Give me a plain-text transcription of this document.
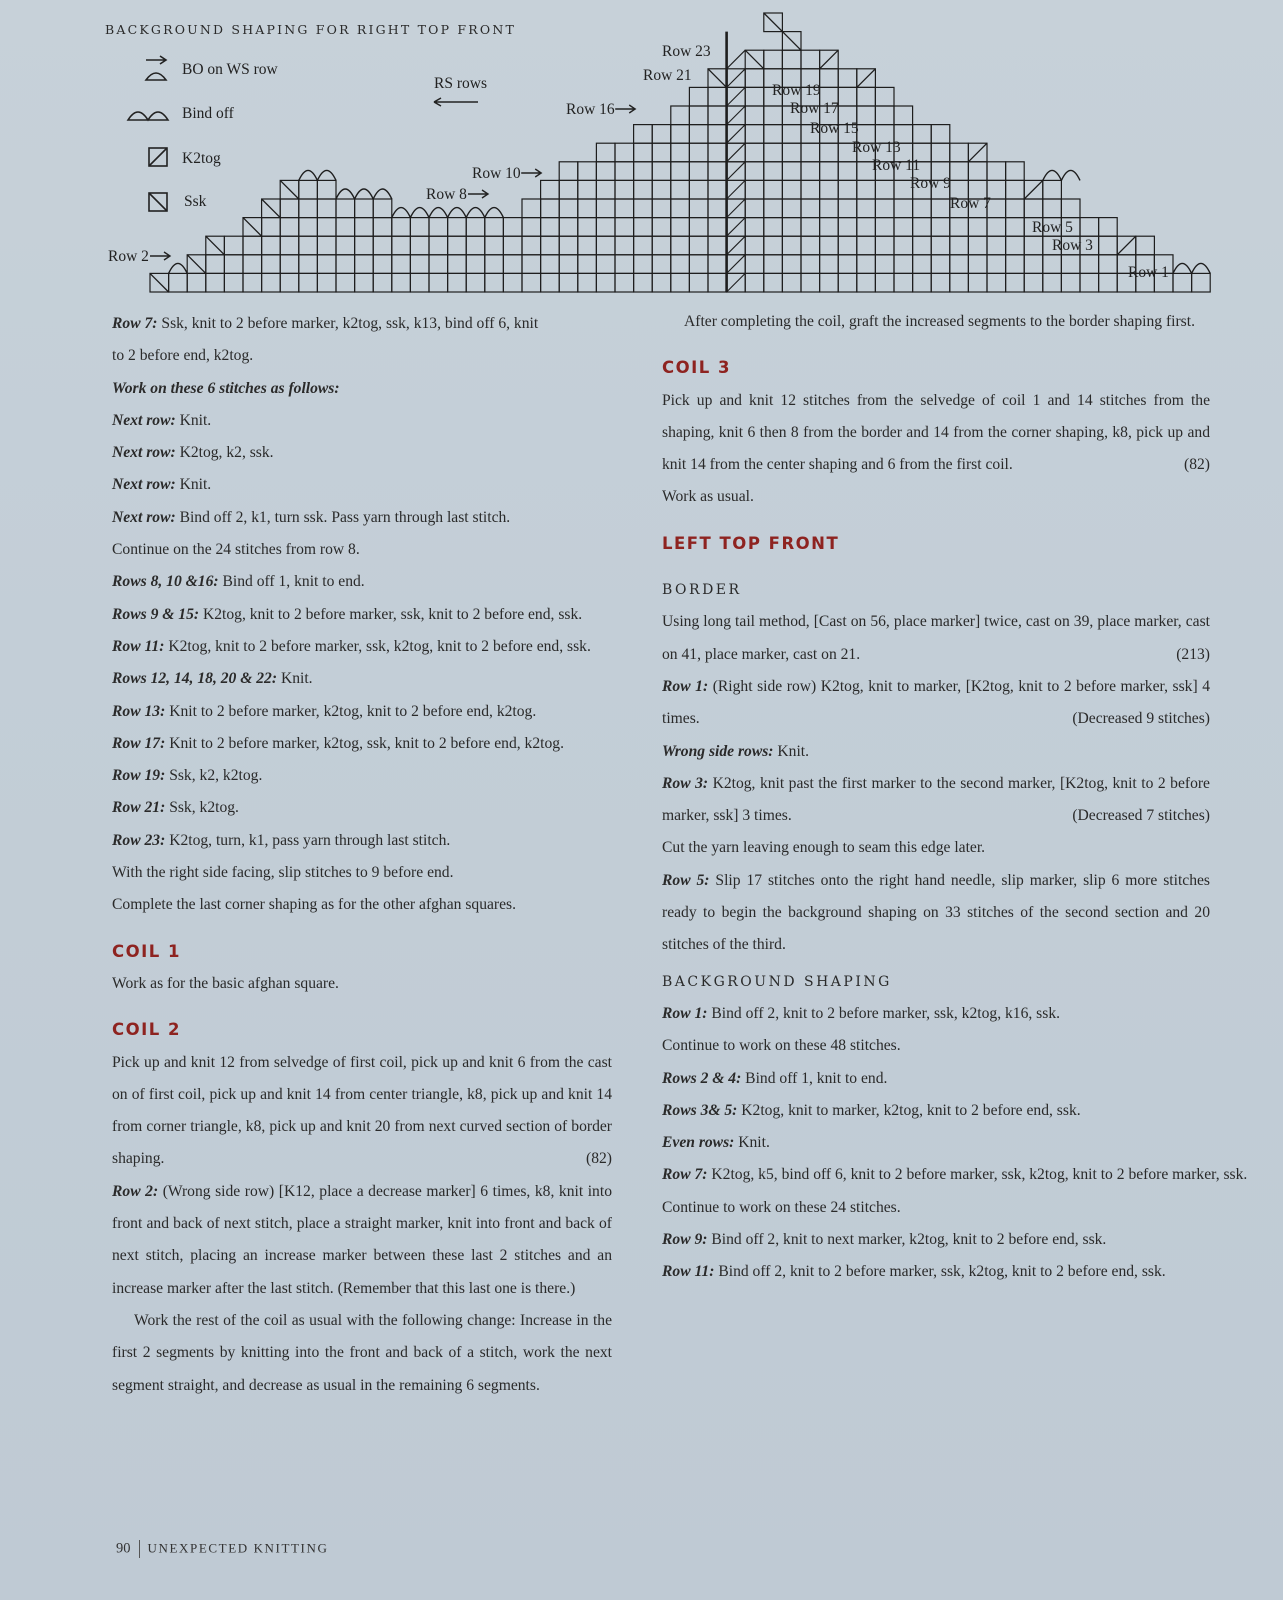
BACKGROUND SHAPING FOR RIGHT TOP FRONT
BO on WS row
Bind off
K2tog
Ssk
RS rows
Row 23
Row 21
Row 19
Row 17
Row 16
Row 15
Row 13
Row 11
Row 10
Row 9
Row 8
Row 7
Row 5
Row 3
Row 2
Row 1

Row 7: Ssk, knit to 2 before marker, k2tog, ssk, k13, bind off 6, knit

to 2 before end, k2tog.

Work on these 6 stitches as follows:

Next row: Knit.

Next row: K2tog, k2, ssk.

Next row: Knit.

Next row: Bind off 2, k1, turn ssk. Pass yarn through last stitch.

Continue on the 24 stitches from row 8.

Rows 8, 10 &16: Bind off 1, knit to end.

Rows 9 & 15: K2tog, knit to 2 before marker, ssk, knit to 2 before end, ssk.

Row 11: K2tog, knit to 2 before marker, ssk, k2tog, knit to 2 before end, ssk.

Rows 12, 14, 18, 20 & 22: Knit.

Row 13: Knit to 2 before marker, k2tog, knit to 2 before end, k2tog.

Row 17: Knit to 2 before marker, k2tog, ssk, knit to 2 before end, k2tog.

Row 19: Ssk, k2, k2tog.

Row 21: Ssk, k2tog.

Row 23: K2tog, turn, k1, pass yarn through last stitch.

With the right side facing, slip stitches to 9 before end.

Complete the last corner shaping as for the other afghan squares.

COIL 1

Work as for the basic afghan square.

COIL 2

Pick up and knit 12 from selvedge of first coil, pick up and knit 6 from the cast on of first coil, pick up and knit 14 from center triangle, k8, pick up and knit 14 from corner triangle, k8, pick up and knit 20 from next curved section of border shaping.	(82)

Row 2: (Wrong side row) [K12, place a decrease marker] 6 times, k8, knit into front and back of next stitch, place a straight marker, knit into front and back of next stitch, placing an increase marker between these last 2 stitches and an increase marker after the last stitch. (Remember that this last one is there.)

Work the rest of the coil as usual with the following change: Increase in the first 2 segments by knitting into the front and back of a stitch, work the next segment straight, and decrease as usual in the remaining 6 segments.

After completing the coil, graft the increased segments to the border shaping first.

COIL 3

Pick up and knit 12 stitches from the selvedge of coil 1 and 14 stitches from the shaping, knit 6 then 8 from the border and 14 from the corner shaping, k8, pick up and knit 14 from the center shaping and 6 from the first coil.	(82)

Work as usual.

LEFT TOP FRONT

BORDER

Using long tail method, [Cast on 56, place marker] twice, cast on 39, place marker, cast on 41, place marker, cast on 21.	(213)

Row 1: (Right side row) K2tog, knit to marker, [K2tog, knit to 2 before marker, ssk] 4 times.	(Decreased 9 stitches)

Wrong side rows: Knit.

Row 3: K2tog, knit past the first marker to the second marker, [K2tog, knit to 2 before marker, ssk] 3 times.	(Decreased 7 stitches)

Cut the yarn leaving enough to seam this edge later.

Row 5: Slip 17 stitches onto the right hand needle, slip marker, slip 6 more stitches ready to begin the background shaping on 33 stitches of the second section and 20 stitches of the third.

BACKGROUND SHAPING

Row 1: Bind off 2, knit to 2 before marker, ssk, k2tog, k16, ssk.

Continue to work on these 48 stitches.

Rows 2 & 4: Bind off 1, knit to end.

Rows 3& 5: K2tog, knit to marker, k2tog, knit to 2 before end, ssk.

Even rows: Knit.

Row 7: K2tog, k5, bind off 6, knit to 2 before marker, ssk, k2tog, knit to 2 before marker, ssk.

Continue to work on these 24 stitches.

Row 9: Bind off 2, knit to next marker, k2tog, knit to 2 before end, ssk.

Row 11: Bind off 2, knit to 2 before marker, ssk, k2tog, knit to 2 before end, ssk.

90 UNEXPECTED KNITTING
